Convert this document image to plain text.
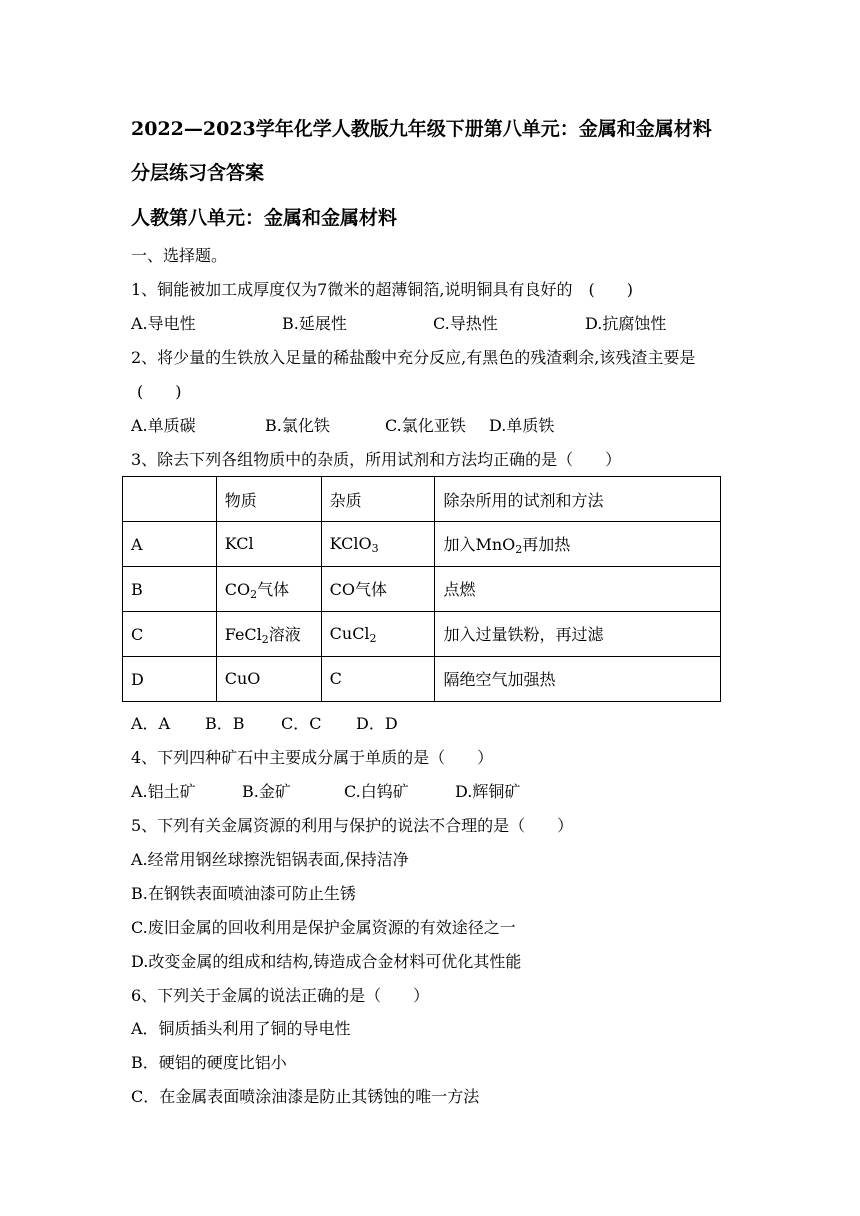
2022—2023学年化学人教版九年级下册第八单元：金属和金属材料
分层练习含答案
人教第八单元：金属和金属材料
一、选择题。
1、铜能被加工成厚度仅为7微米的超薄铜箔,说明铜具有良好的　(　　)
A.导电性	B.延展性	C.导热性	D.抗腐蚀性
2、将少量的生铁放入足量的稀盐酸中充分反应,有黑色的残渣剩余,该残渣主要是
(　　)
A.单质碳	B.氯化铁	C.氯化亚铁 D.单质铁
3、除去下列各组物质中的杂质，所用试剂和方法均正确的是（　　）
	物质	杂质	除杂所用的试剂和方法
A	KCl	KClO$_3$	加入MnO$_2$再加热
B	$CO_2$气体	CO气体	点燃
C	FeCl$_2$溶液	CuCl$_2$	加入过量铁粉，再过滤
D	CuO	C	隔绝空气加强热
A．A B．B C．C D．D
4、下列四种矿石中主要成分属于单质的是（　　）
A.铝土矿	B.金矿	C.白钨矿	D.辉铜矿
5、下列有关金属资源的利用与保护的说法不合理的是（　　）
A.经常用钢丝球擦洗铝锅表面,保持洁净
B.在钢铁表面喷油漆可防止生锈
C.废旧金属的回收利用是保护金属资源的有效途径之一
D.改变金属的组成和结构,铸造成合金材料可优化其性能
6、下列关于金属的说法正确的是（　　）
A．铜质插头利用了铜的导电性
B．硬铝的硬度比铝小
C．在金属表面喷涂油漆是防止其锈蚀的唯一方法
